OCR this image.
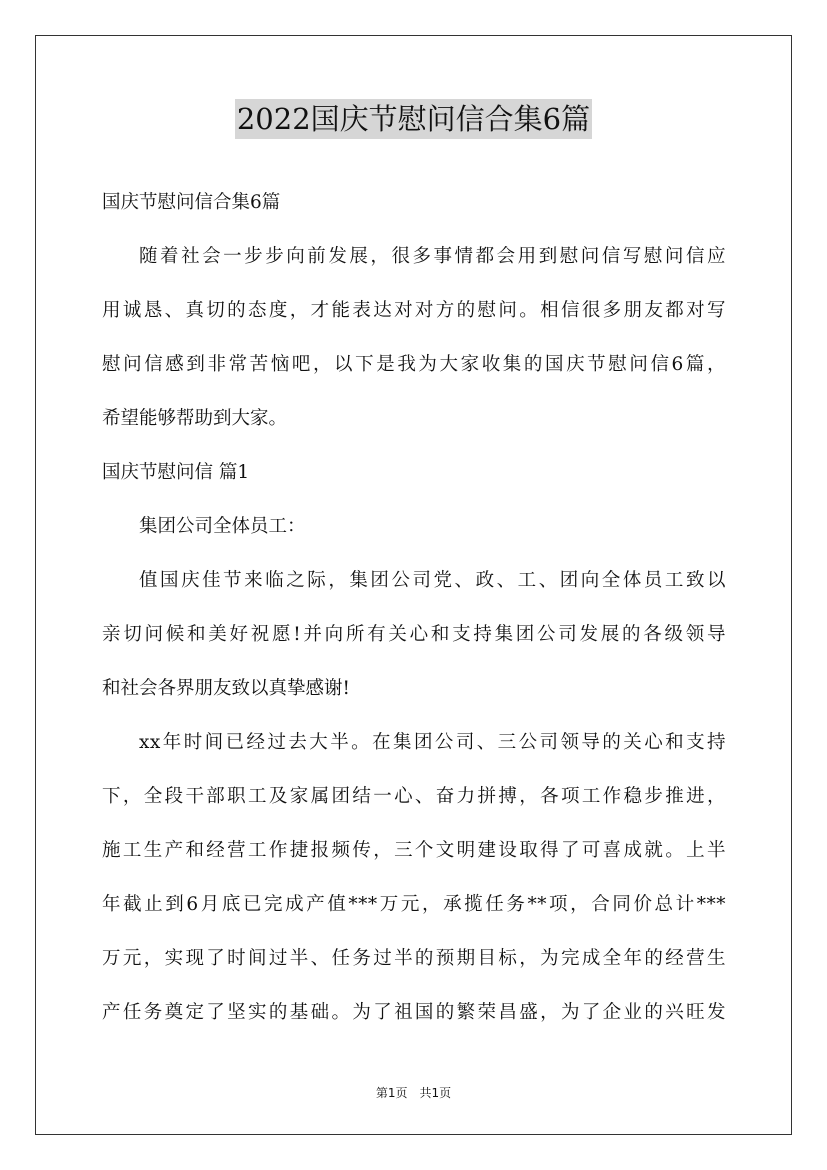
2022国庆节慰问信合集6篇

国庆节慰问信合集6篇

随着社会一步步向前发展，很多事情都会用到慰问信写慰问信应

用诚恳、真切的态度，才能表达对对方的慰问。相信很多朋友都对写

慰问信感到非常苦恼吧，以下是我为大家收集的国庆节慰问信6篇，

希望能够帮助到大家。

国庆节慰问信 篇1

集团公司全体员工：

值国庆佳节来临之际，集团公司党、政、工、团向全体员工致以

亲切问候和美好祝愿!并向所有关心和支持集团公司发展的各级领导

和社会各界朋友致以真挚感谢!

xx年时间已经过去大半。在集团公司、三公司领导的关心和支持

下，全段干部职工及家属团结一心、奋力拼搏，各项工作稳步推进，

施工生产和经营工作捷报频传，三个文明建设取得了可喜成就。上半

年截止到6月底已完成产值***万元，承揽任务**项，合同价总计***

万元，实现了时间过半、任务过半的预期目标，为完成全年的经营生

产任务奠定了坚实的基础。为了祖国的繁荣昌盛，为了企业的兴旺发

第1页　共1页
